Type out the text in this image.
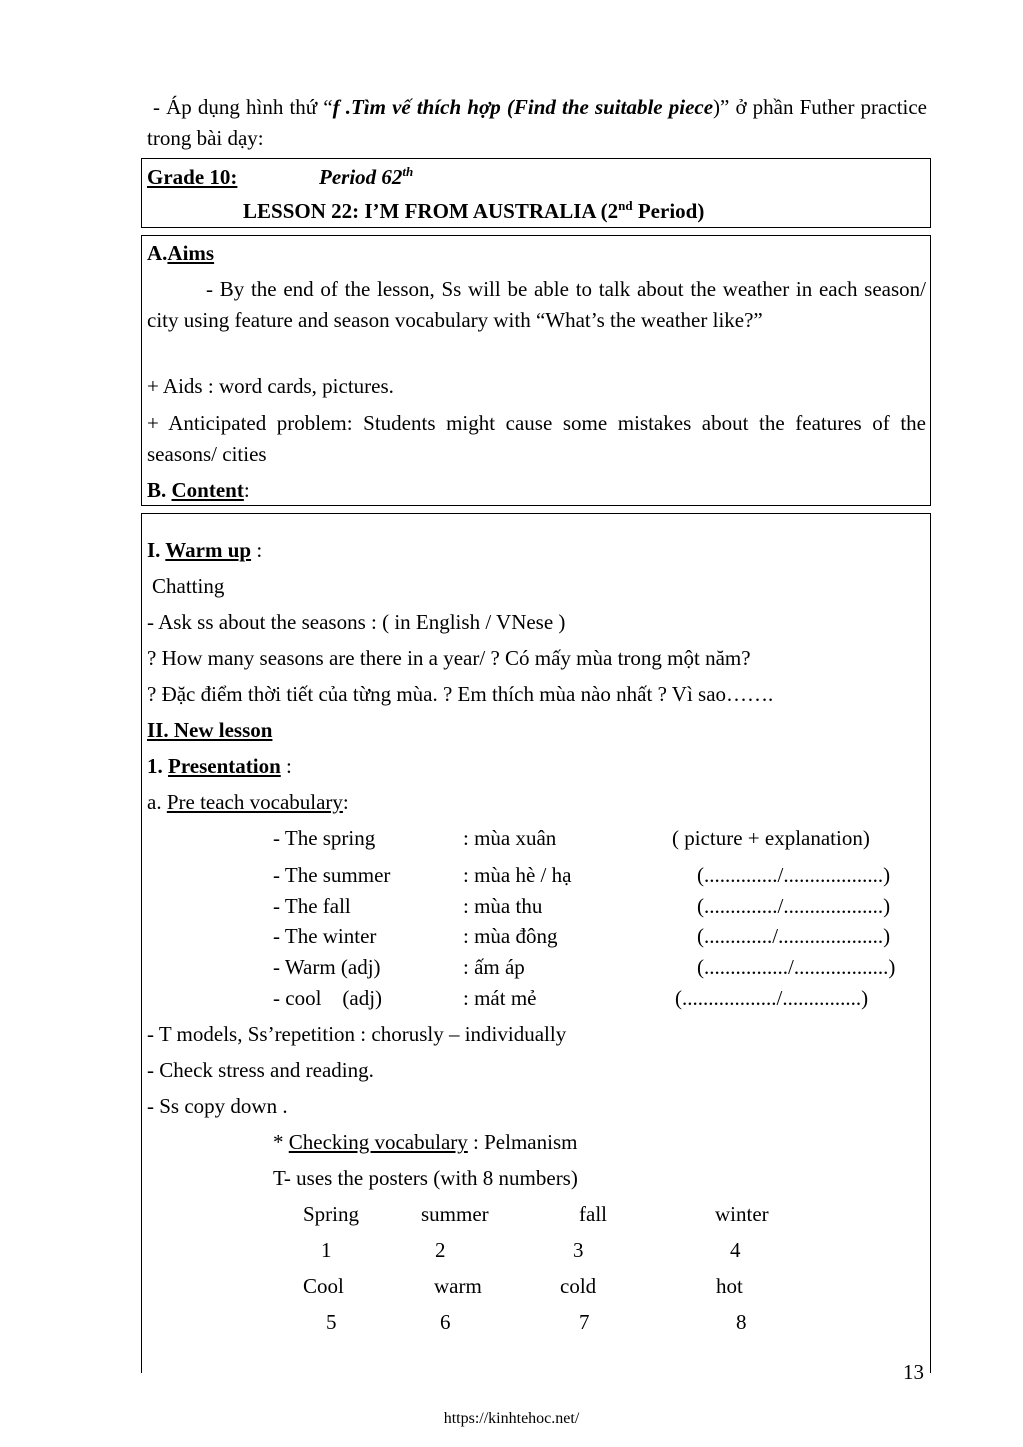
- Áp dụng hình thứ “f .Tìm vế thích hợp (Find the suitable piece)” ở phần Futher practice trong bài dạy:
Grade 10:	Period 62th
LESSON 22: I’M FROM AUSTRALIA (2nd Period)
A.Aims
- By the end of the lesson, Ss will be able to talk about the weather in each season/ city using feature and season vocabulary with “What’s the weather like?”
+ Aids : word cards, pictures.
+ Anticipated problem: Students might cause some mistakes about the features of the seasons/ cities
B. Content:
I. Warm up :
Chatting
- Ask ss about the seasons : ( in English / VNese )
? How many seasons are there in a year/ ? Có mấy mùa trong một năm?
? Đặc điểm thời tiết của từng mùa. ? Em thích mùa nào nhất ? Vì sao…….
II. New lesson
1. Presentation :
a. Pre teach vocabulary:
- The spring	: mùa xuân	( picture + explanation)
- The summer	: mùa hè / hạ	(............../...................)
- The fall	: mùa thu	(............../...................)
- The winter	: mùa đông	(............./....................)
- Warm (adj)	: ấm áp	(................/..................)
- cool    (adj)	: mát mẻ	(................../...............)
- T models, Ss’repetition : chorusly – individually
- Check stress and reading.
- Ss copy down .
* Checking vocabulary : Pelmanism
T- uses the posters (with 8 numbers)
Spring	summer	fall	winter
1	2	3	4
Cool	warm	cold	hot
5	6	7	8
13
https://kinhtehoc.net/
